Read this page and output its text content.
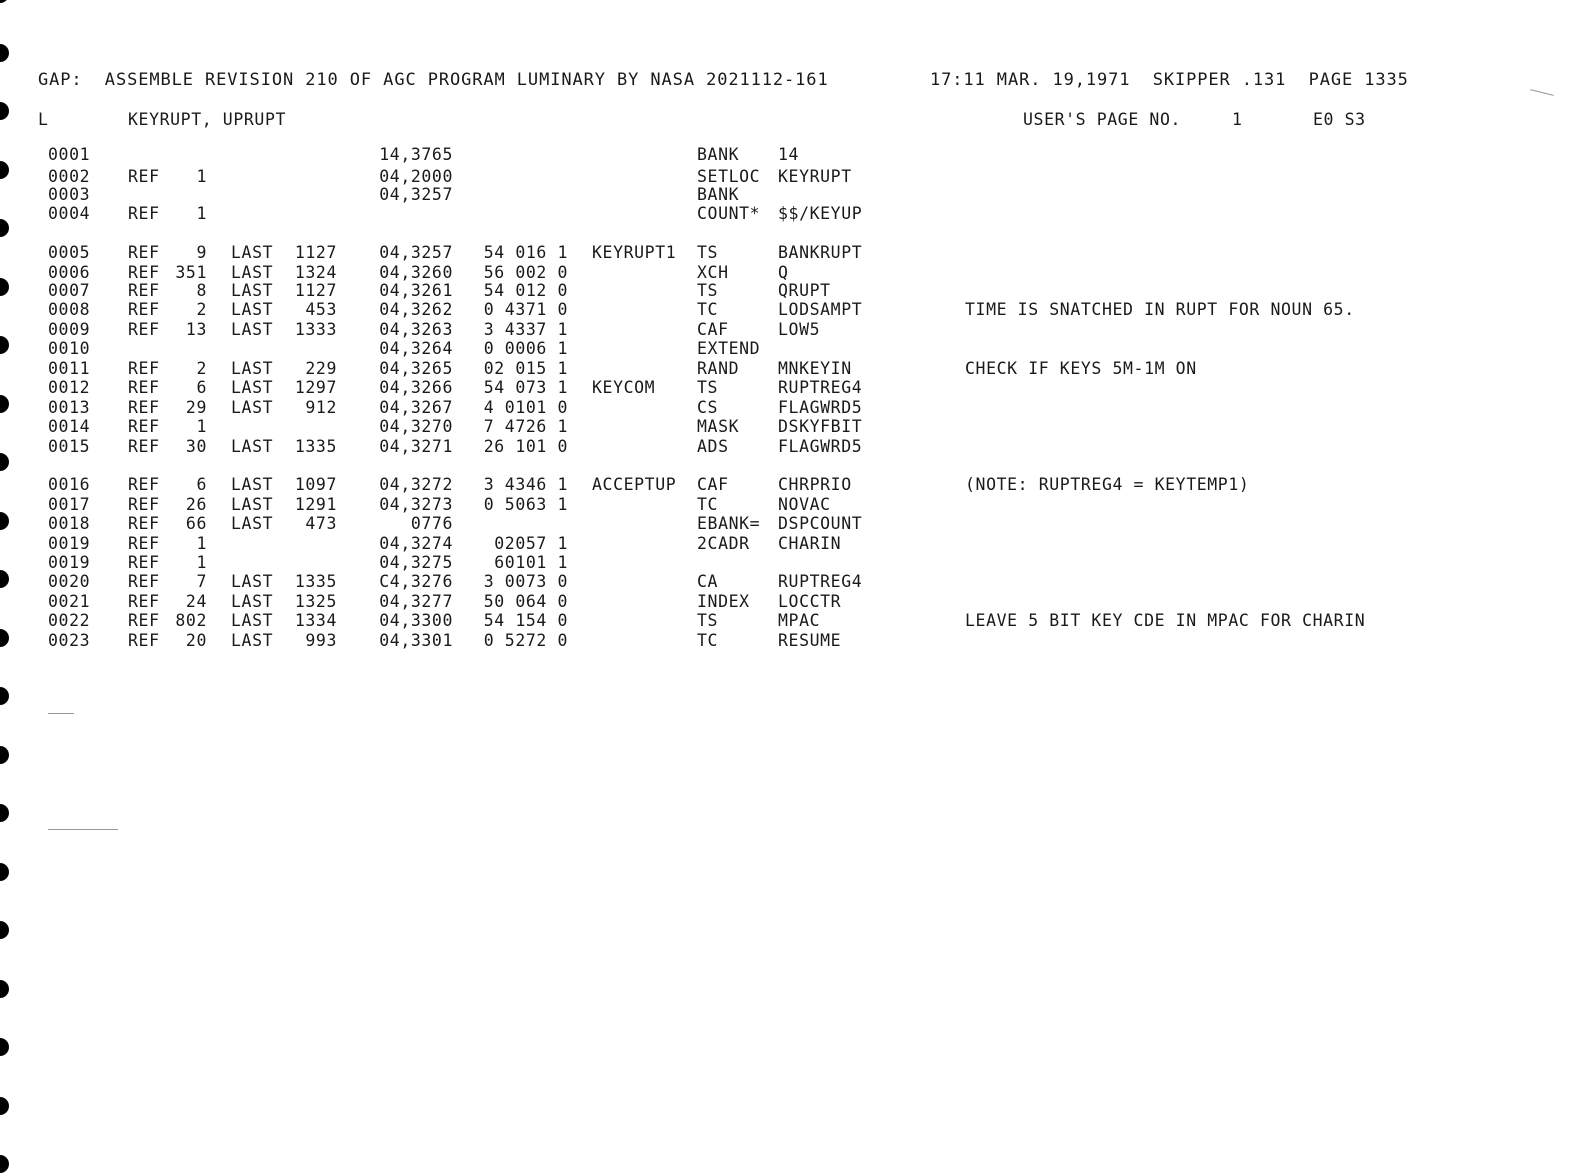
GAP:  ASSEMBLE REVISION 210 OF AGC PROGRAM LUMINARY BY NASA 2021112-161	17:11 MAR. 19,1971  SKIPPER .131  PAGE 1335
L	KEYRUPT, UPRUPT	USER'S PAGE NO.	1	E0 S3
0001	14,3765	BANK 14
0002 REF 1	04,2000	SETLOC KEYRUPT
0003	04,3257	BANK
0004 REF 1	COUNT* $$/KEYUP
0005 REF 9 LAST 1127	04,3257 54 016 1 KEYRUPT1 TS	BANKRUPT
0006 REF 351 LAST 1324	04,3260 56 002 0	XCH	Q
0007 REF 8 LAST 1127	04,3261 54 012 0	TS	QRUPT
0008 REF 2 LAST 453	04,3262 0 4371 0	TC	LODSAMPT	TIME IS SNATCHED IN RUPT FOR NOUN 65.
0009 REF 13 LAST 1333	04,3263 3 4337 1	CAF	LOW5
0010	04,3264 0 0006 1	EXTEND
0011 REF 2 LAST 229	04,3265 02 015 1	RAND MNKEYIN	CHECK IF KEYS 5M-1M ON
0012 REF 6 LAST 1297	04,3266 54 073 1 KEYCOM	TS	RUPTREG4
0013 REF 29 LAST 912	04,3267 4 0101 0	CS	FLAGWRD5
0014 REF 1	04,3270 7 4726 1	MASK DSKYFBIT
0015 REF 30 LAST 1335	04,3271 26 101 0	ADS	FLAGWRD5
0016 REF 6 LAST 1097	04,3272 3 4346 1 ACCEPTUP CAF	CHRPRIO	(NOTE: RUPTREG4 = KEYTEMP1)
0017 REF 26 LAST 1291	04,3273 0 5063 1	TC	NOVAC
0018 REF 66 LAST 473	0776	EBANK= DSPCOUNT
0019 REF 1	04,3274	02057 1	2CADR CHARIN
0019 REF 1	04,3275	60101 1
0020 REF 7 LAST 1335	C4,3276 3 0073 0	CA	RUPTREG4
0021 REF 24 LAST 1325	04,3277 50 064 0	INDEX LOCCTR
0022 REF 802 LAST 1334	04,3300 54 154 0	TS	MPAC	LEAVE 5 BIT KEY CDE IN MPAC FOR CHARIN
0023 REF 20 LAST 993	04,3301 0 5272 0	TC	RESUME
